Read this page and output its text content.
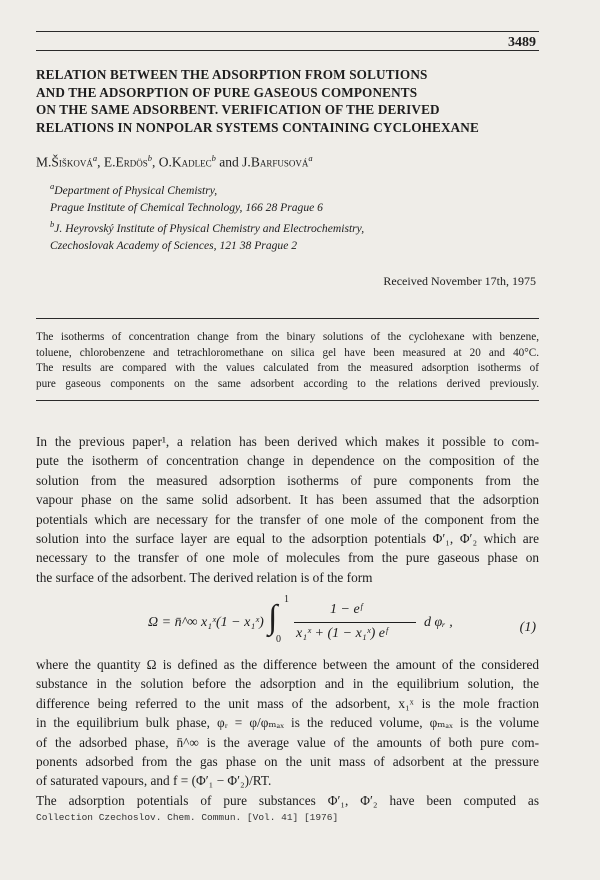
3489
RELATION BETWEEN THE ADSORPTION FROM SOLUTIONS
AND THE ADSORPTION OF PURE GASEOUS COMPONENTS
ON THE SAME ADSORBENT. VERIFICATION OF THE DERIVED
RELATIONS IN NONPOLAR SYSTEMS CONTAINING CYCLOHEXANE
M.Šišková$^a$, E.Erdös$^b$, O.Kadlec$^b$ and J.Barfusová$^a$
$^a$Department of Physical Chemistry,
Prague Institute of Chemical Technology, 166 28 Prague 6
$^b$J. Heyrovský Institute of Physical Chemistry and Electrochemistry,
Czechoslovak Academy of Sciences, 121 38 Prague 2
Received November 17th, 1975
The isotherms of concentration change from the binary solutions of the cyclohexane with benzene,
toluene, chlorobenzene and tetrachloromethane on silica gel have been measured at 20 and 40°C.
The results are compared with the values calculated from the measured adsorption isotherms of
pure gaseous components on the same adsorbent according to the relations derived previously.
In the previous paper¹, a relation has been derived which makes it possible to com-
pute the isotherm of concentration change in dependence on the composition of the
solution from the measured adsorption isotherms of pure components from the
vapour phase on the same solid adsorbent. It has been assumed that the adsorption
potentials which are necessary for the transfer of one mole of the component from the
solution into the surface layer are equal to the adsorption potentials Φ′₁, Φ′₂ which are
necessary to the transfer of one mole of molecules from the pure gaseous phase on
the surface of the adsorbent. The derived relation is of the form
Ω = n̄^∞ x₁ˣ(1 − x₁ˣ) ∫ 1
0
1 − eᶠ
x₁ˣ + (1 − x₁ˣ) eᶠ
d φᵣ ,	(1)
where the quantity Ω is defined as the difference between the amount of the considered
substance in the solution before the adsorption and in the equilibrium solution, the
difference being referred to the unit mass of the adsorbent, x₁ˣ is the mole fraction
in the equilibrium bulk phase, φᵣ = φ/φₘₐₓ is the reduced volume, φₘₐₓ is the volume
of the adsorbed phase, n̄^∞ is the average value of the amounts of both pure com-
ponents adsorbed from the gas phase on the unit mass of adsorbent at the pressure
of saturated vapours, and f = (Φ′₁ − Φ′₂)/RT.
The adsorption potentials of pure substances Φ′₁, Φ′₂ have been computed as
Collection Czechoslov. Chem. Commun. [Vol. 41] [1976]
